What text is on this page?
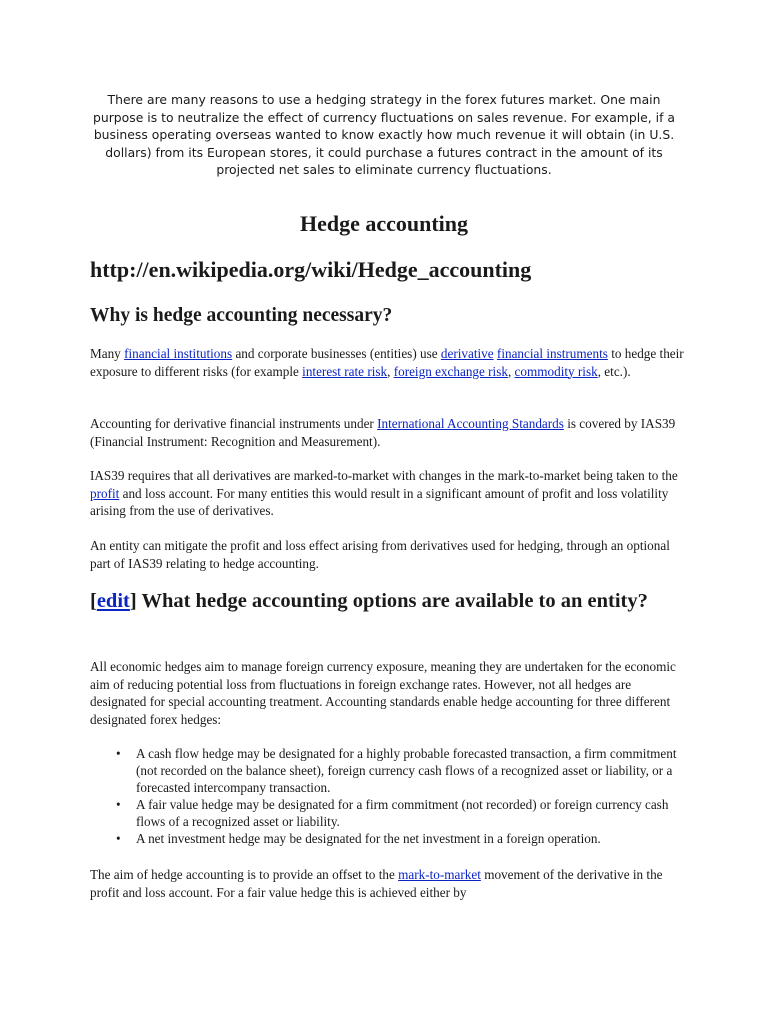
There are many reasons to use a hedging strategy in the forex futures market. One main purpose is to neutralize the effect of currency fluctuations on sales revenue. For example, if a business operating overseas wanted to know exactly how much revenue it will obtain (in U.S. dollars) from its European stores, it could purchase a futures contract in the amount of its projected net sales to eliminate currency fluctuations.

Hedge accounting
http://en.wikipedia.org/wiki/Hedge_accounting
Why is hedge accounting necessary?

Many financial institutions and corporate businesses (entities) use derivative financial instruments to hedge their exposure to different risks (for example interest rate risk, foreign exchange risk, commodity risk, etc.).

Accounting for derivative financial instruments under International Accounting Standards is covered by IAS39 (Financial Instrument: Recognition and Measurement).

IAS39 requires that all derivatives are marked-to-market with changes in the mark-to-market being taken to the profit and loss account. For many entities this would result in a significant amount of profit and loss volatility arising from the use of derivatives.

An entity can mitigate the profit and loss effect arising from derivatives used for hedging, through an optional part of IAS39 relating to hedge accounting.

[edit] What hedge accounting options are available to an entity?

All economic hedges aim to manage foreign currency exposure, meaning they are undertaken for the economic aim of reducing potential loss from fluctuations in foreign exchange rates. However, not all hedges are designated for special accounting treatment. Accounting standards enable hedge accounting for three different designated forex hedges:

• A cash flow hedge may be designated for a highly probable forecasted transaction, a firm commitment (not recorded on the balance sheet), foreign currency cash flows of a recognized asset or liability, or a forecasted intercompany transaction.
• A fair value hedge may be designated for a firm commitment (not recorded) or foreign currency cash flows of a recognized asset or liability.
• A net investment hedge may be designated for the net investment in a foreign operation.

The aim of hedge accounting is to provide an offset to the mark-to-market movement of the derivative in the profit and loss account. For a fair value hedge this is achieved either by
